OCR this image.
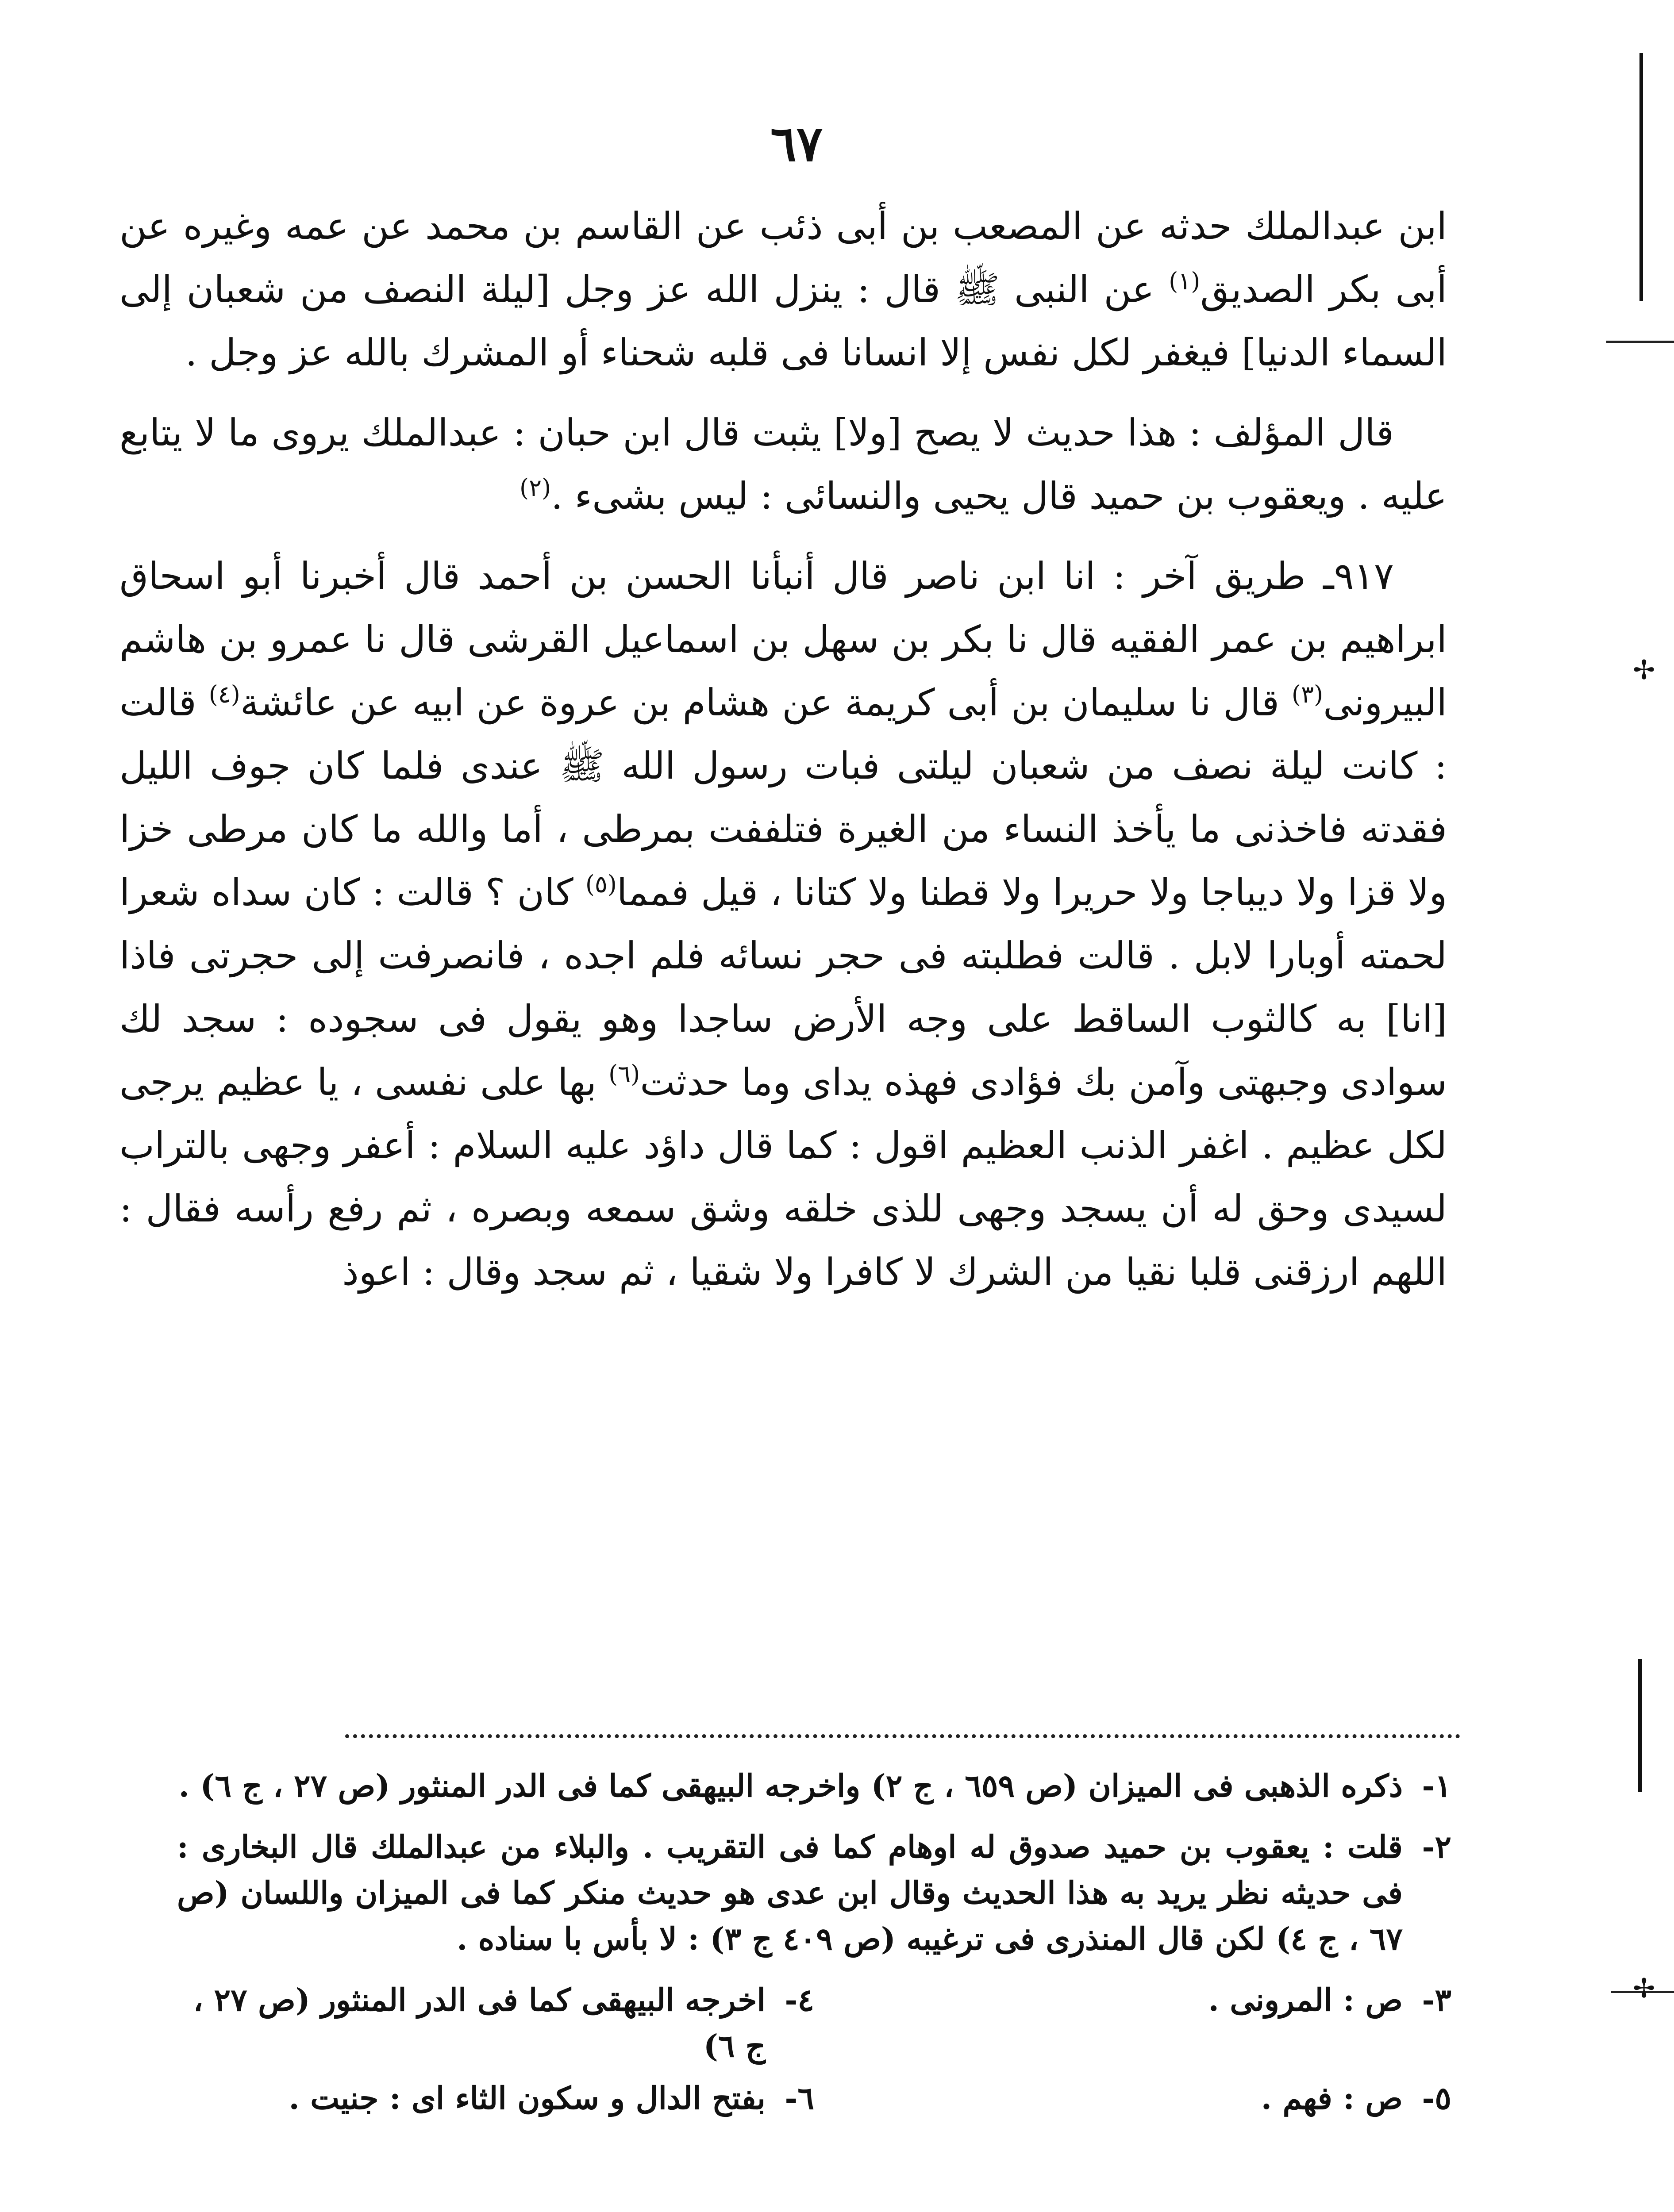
✢
✢
٦٧

ابن عبدالملك حدثه عن المصعب بن أبى ذئب عن القاسم بن محمد عن عمه وغيره عن أبى بكر الصديق$^{(١)}$ عن النبى ﷺ قال : ينزل الله عز وجل [ليلة النصف من شعبان إلى السماء الدنيا] فيغفر لكل نفس إلا انسانا فى قلبه شحناء أو المشرك بالله عز وجل .

قال المؤلف : هذا حديث لا يصح [ولا] يثبت قال ابن حبان : عبدالملك يروى ما لا يتابع عليه . ويعقوب بن حميد قال يحيى والنسائى : ليس بشىء .$^{(٢)}$

٩١٧ـ طريق آخر : انا ابن ناصر قال أنبأنا الحسن بن أحمد قال أخبرنا أبو اسحاق ابراهيم بن عمر الفقيه قال نا بكر بن سهل بن اسماعيل القرشى قال نا عمرو بن هاشم البيرونى$^{(٣)}$ قال نا سليمان بن أبى كريمة عن هشام بن عروة عن ابيه عن عائشة$^{(٤)}$ قالت : كانت ليلة نصف من شعبان ليلتى فبات رسول الله ﷺ عندى فلما كان جوف الليل فقدته فاخذنى ما يأخذ النساء من الغيرة فتلففت بمرطى ، أما والله ما كان مرطى خزا ولا قزا ولا ديباجا ولا حريرا ولا قطنا ولا كتانا ، قيل فمما$^{(٥)}$ كان ؟ قالت : كان سداه شعرا لحمته أوبارا لابل . قالت فطلبته فى حجر نسائه فلم اجده ، فانصرفت إلى حجرتى فاذا [انا] به كالثوب الساقط على وجه الأرض ساجدا وهو يقول فى سجوده : سجد لك سوادى وجبهتى وآمن بك فؤادى فهذه يداى وما حدثت$^{(٦)}$ بها على نفسى ، يا عظيم يرجى لكل عظيم . اغفر الذنب العظيم اقول : كما قال داؤد عليه السلام : أعفر وجهى بالتراب لسيدى وحق له أن يسجد وجهى للذى خلقه وشق سمعه وبصره ، ثم رفع رأسه فقال : اللهم ارزقنى قلبا نقيا من الشرك لا كافرا ولا شقيا ، ثم سجد وقال : اعوذ

١-
ذكره الذهبى فى الميزان (ص ٦٥٩ ، ج ٢) واخرجه البيهقى كما فى الدر المنثور (ص ٢٧ ، ج ٦) .
٢-
قلت : يعقوب بن حميد صدوق له اوهام كما فى التقريب . والبلاء من عبدالملك قال البخارى : فى حديثه نظر يريد به هذا الحديث وقال ابن عدى هو حديث منكر كما فى الميزان واللسان (ص ٦٧ ، ج ٤) لكن قال المنذرى فى ترغيبه (ص ٤٠٩ ج ٣) : لا بأس با سناده .
٣-
ص : المرونى .
٤-
اخرجه البيهقى كما فى الدر المنثور (ص ٢٧ ، ج ٦)
٥-
ص : فهم .
٦-
بفتح الدال و سكون الثاء اى : جنيت .
